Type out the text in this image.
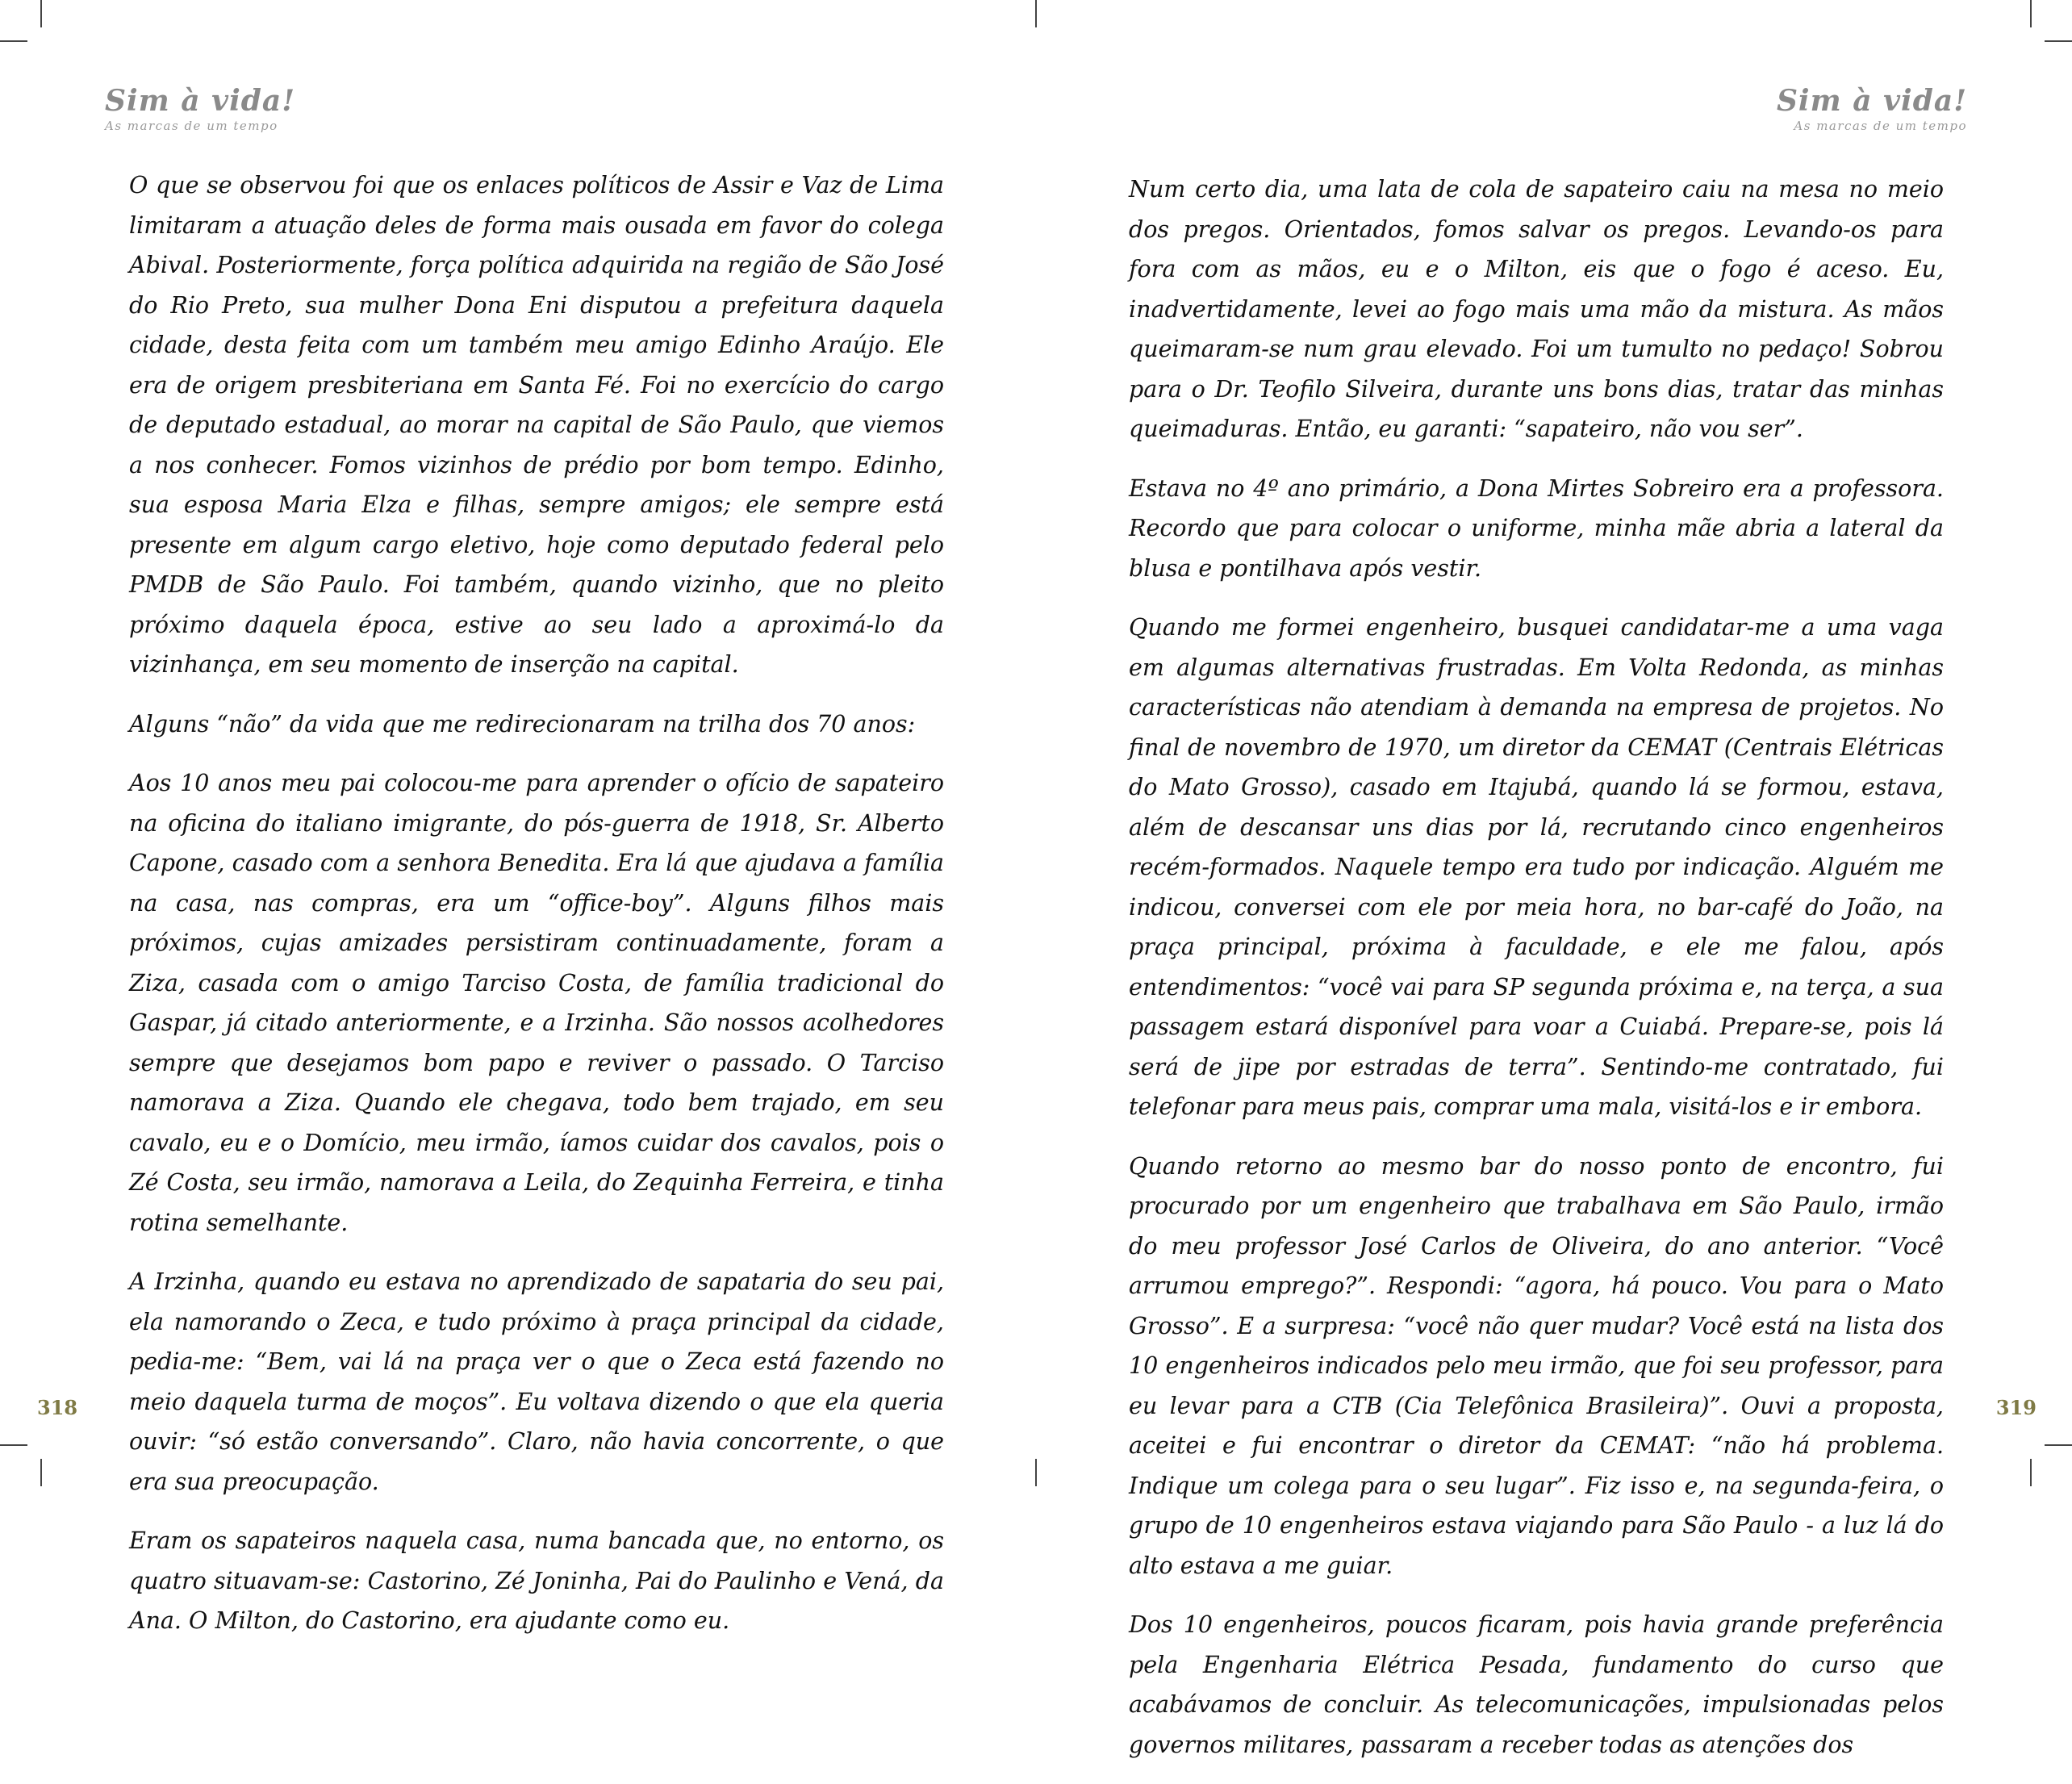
Sim à vida!
As marcas de um tempo

O que se observou foi que os enlaces políticos de Assir e Vaz de Lima limitaram a atuação deles de forma mais ousada em favor do colega Abival. Posteriormente, força política adquirida na região de São José do Rio Preto, sua mulher Dona Eni disputou a prefeitura daquela cidade, desta feita com um também meu amigo Edinho Araújo. Ele era de origem presbiteriana em Santa Fé. Foi no exercício do cargo de deputado estadual, ao morar na capital de São Paulo, que viemos a nos conhecer. Fomos vizinhos de prédio por bom tempo. Edinho, sua esposa Maria Elza e filhas, sempre amigos; ele sempre está presente em algum cargo eletivo, hoje como deputado federal pelo PMDB de São Paulo. Foi também, quando vizinho, que no pleito próximo daquela época, estive ao seu lado a aproximá-lo da vizinhança, em seu momento de inserção na capital.

Alguns “não” da vida que me redirecionaram na trilha dos 70 anos:

Aos 10 anos meu pai colocou-me para aprender o ofício de sapateiro na oficina do italiano imigrante, do pós-guerra de 1918, Sr. Alberto Capone, casado com a senhora Benedita. Era lá que ajudava a família na casa, nas compras, era um “office-boy”. Alguns filhos mais próximos, cujas amizades persistiram continuadamente, foram a Ziza, casada com o amigo Tarciso Costa, de família tradicional do Gaspar, já citado anteriormente, e a Irzinha. São nossos acolhedores sempre que desejamos bom papo e reviver o passado. O Tarciso namorava a Ziza. Quando ele chegava, todo bem trajado, em seu cavalo, eu e o Domício, meu irmão, íamos cuidar dos cavalos, pois o Zé Costa, seu irmão, namorava a Leila, do Zequinha Ferreira, e tinha rotina semelhante.

A Irzinha, quando eu estava no aprendizado de sapataria do seu pai, ela namorando o Zeca, e tudo próximo à praça principal da cidade, pedia-me: “Bem, vai lá na praça ver o que o Zeca está fazendo no meio daquela turma de moços”. Eu voltava dizendo o que ela queria ouvir: “só estão conversando”. Claro, não havia concorrente, o que era sua preocupação.

Eram os sapateiros naquela casa, numa bancada que, no entorno, os quatro situavam-se: Castorino, Zé Joninha, Pai do Paulinho e Vená, da Ana. O Milton, do Castorino, era ajudante como eu.

318
Sim à vida!
As marcas de um tempo

Num certo dia, uma lata de cola de sapateiro caiu na mesa no meio dos pregos. Orientados, fomos salvar os pregos. Levando-os para fora com as mãos, eu e o Milton, eis que o fogo é aceso. Eu, inadvertidamente, levei ao fogo mais uma mão da mistura. As mãos queimaram-se num grau elevado. Foi um tumulto no pedaço! Sobrou para o Dr. Teofilo Silveira, durante uns bons dias, tratar das minhas queimaduras. Então, eu garanti: “sapateiro, não vou ser”.

Estava no 4º ano primário, a Dona Mirtes Sobreiro era a professora. Recordo que para colocar o uniforme, minha mãe abria a lateral da blusa e pontilhava após vestir.

Quando me formei engenheiro, busquei candidatar-me a uma vaga em algumas alternativas frustradas. Em Volta Redonda, as minhas características não atendiam à demanda na empresa de projetos. No final de novembro de 1970, um diretor da CEMAT (Centrais Elétricas do Mato Grosso), casado em Itajubá, quando lá se formou, estava, além de descansar uns dias por lá, recrutando cinco engenheiros recém-formados. Naquele tempo era tudo por indicação. Alguém me indicou, conversei com ele por meia hora, no bar-café do João, na praça principal, próxima à faculdade, e ele me falou, após entendimentos: “você vai para SP segunda próxima e, na terça, a sua passagem estará disponível para voar a Cuiabá. Prepare-se, pois lá será de jipe por estradas de terra”. Sentindo-me contratado, fui telefonar para meus pais, comprar uma mala, visitá-los e ir embora.

Quando retorno ao mesmo bar do nosso ponto de encontro, fui procurado por um engenheiro que trabalhava em São Paulo, irmão do meu professor José Carlos de Oliveira, do ano anterior. “Você arrumou emprego?”. Respondi: “agora, há pouco. Vou para o Mato Grosso”. E a surpresa: “você não quer mudar? Você está na lista dos 10 engenheiros indicados pelo meu irmão, que foi seu professor, para eu levar para a CTB (Cia Telefônica Brasileira)”. Ouvi a proposta, aceitei e fui encontrar o diretor da CEMAT: “não há problema. Indique um colega para o seu lugar”. Fiz isso e, na segunda-feira, o grupo de 10 engenheiros estava viajando para São Paulo - a luz lá do alto estava a me guiar.

Dos 10 engenheiros, poucos ficaram, pois havia grande preferência pela Engenharia Elétrica Pesada, fundamento do curso que acabávamos de concluir. As telecomunicações, impulsionadas pelos governos militares, passaram a receber todas as atenções dos

319
